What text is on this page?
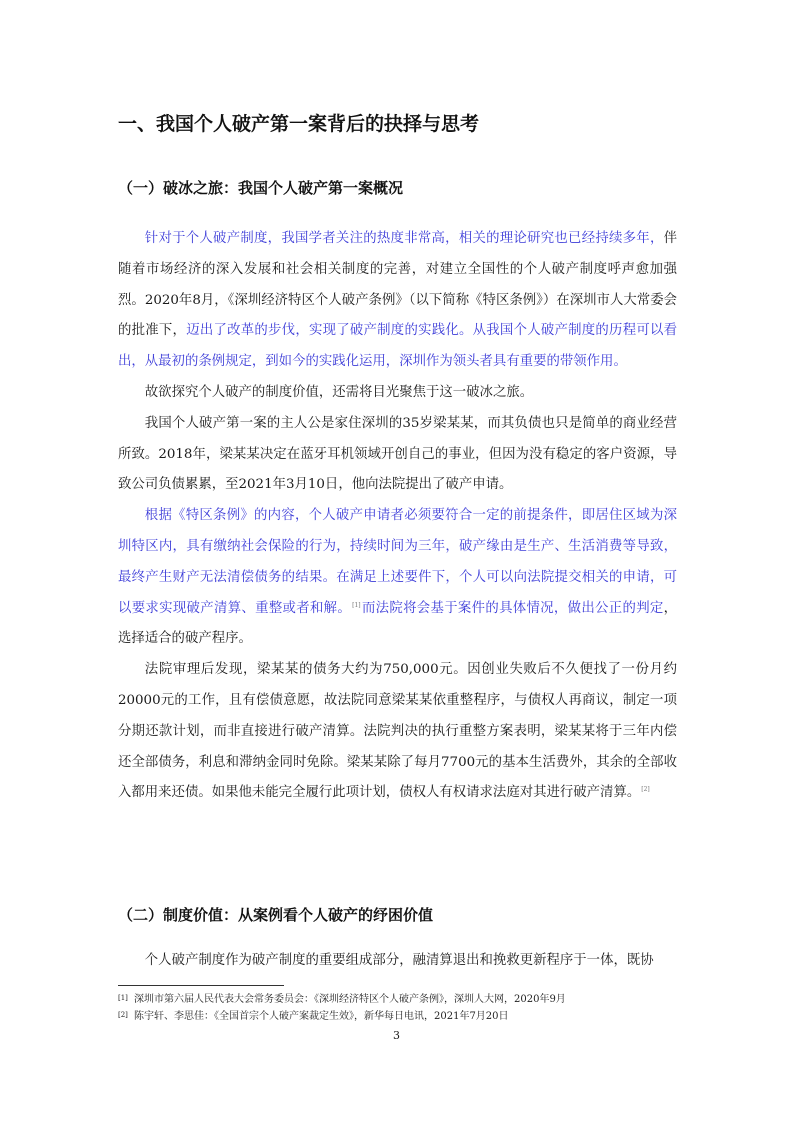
一、我国个人破产第一案背后的抉择与思考
（一）破冰之旅：我国个人破产第一案概况

针对于个人破产制度，我国学者关注的热度非常高，相关的理论研究也已经持续多年，伴随着市场经济的深入发展和社会相关制度的完善，对建立全国性的个人破产制度呼声愈加强烈。2020年8月，《深圳经济特区个人破产条例》（以下简称《特区条例》）在深圳市人大常委会的批准下，迈出了改革的步伐，实现了破产制度的实践化。从我国个人破产制度的历程可以看出，从最初的条例规定，到如今的实践化运用，深圳作为领头者具有重要的带领作用。

故欲探究个人破产的制度价值，还需将目光聚焦于这一破冰之旅。

我国个人破产第一案的主人公是家住深圳的35岁梁某某，而其负债也只是简单的商业经营所致。2018年，梁某某决定在蓝牙耳机领域开创自己的事业，但因为没有稳定的客户资源，导致公司负债累累，至2021年3月10日，他向法院提出了破产申请。

根据《特区条例》的内容，个人破产申请者必须要符合一定的前提条件，即居住区域为深圳特区内，具有缴纳社会保险的行为，持续时间为三年，破产缘由是生产、生活消费等导致，最终产生财产无法清偿债务的结果。在满足上述要件下，个人可以向法院提交相关的申请，可以要求实现破产清算、重整或者和解。[1]而法院将会基于案件的具体情况，做出公正的判定，选择适合的破产程序。

法院审理后发现，梁某某的债务大约为750,000元。因创业失败后不久便找了一份月约20000元的工作，且有偿债意愿，故法院同意梁某某依重整程序，与债权人再商议，制定一项分期还款计划，而非直接进行破产清算。法院判决的执行重整方案表明，梁某某将于三年内偿还全部债务，利息和滞纳金同时免除。梁某某除了每月7700元的基本生活费外，其余的全部收入都用来还债。如果他未能完全履行此项计划，债权人有权请求法庭对其进行破产清算。[2]

（二）制度价值：从案例看个人破产的纾困价值
个人破产制度作为破产制度的重要组成部分，融清算退出和挽救更新程序于一体，既协
[1] 深圳市第六届人民代表大会常务委员会：《深圳经济特区个人破产条例》，深圳人大网，2020年9月
[2] 陈宇轩、李思佳：《全国首宗个人破产案裁定生效》，新华每日电讯，2021年7月20日
3
